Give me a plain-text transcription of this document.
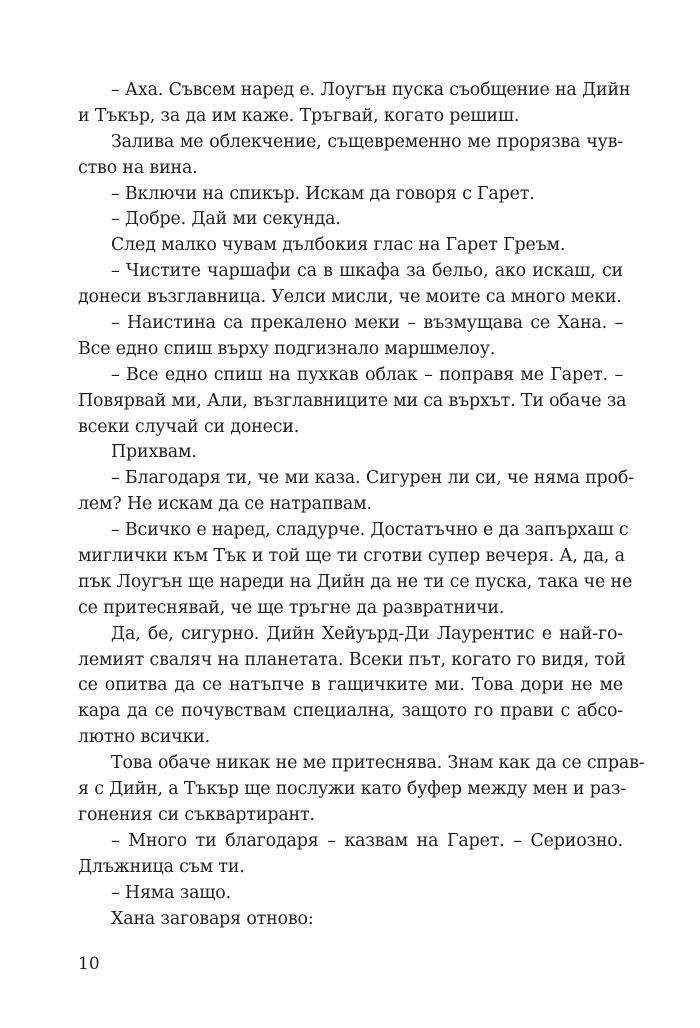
– Аха. Съвсем наред е. Лоугън пуска съобщение на Дийн
и Тъкър, за да им каже. Тръгвай, когато решиш.
Залива ме облекчение, същевременно ме прорязва чув-
ство на вина.
– Включи на спикър. Искам да говоря с Гарет.
– Добре. Дай ми секунда.
След малко чувам дълбокия глас на Гарет Греъм.
– Чистите чаршафи са в шкафа за бельо, ако искаш, си
донеси възглавница. Уелси мисли, че моите са много меки.
– Наистина са прекалено меки – възмущава се Хана. –
Все едно спиш върху подгизнало маршмелоу.
– Все едно спиш на пухкав облак – поправя ме Гарет. –
Повярвай ми, Али, възглавниците ми са върхът. Ти обаче за
всеки случай си донеси.
Прихвам.
– Благодаря ти, че ми каза. Сигурен ли си, че няма проб-
лем? Не искам да се натрапвам.
– Всичко е наред, сладурче. Достатъчно е да запърхаш с
миглички към Тък и той ще ти сготви супер вечеря. А, да, а
пък Лоугън ще нареди на Дийн да не ти се пуска, така че не
се притеснявай, че ще тръгне да развратничи.
Да, бе, сигурно. Дийн Хейуърд-Ди Лаурентис е най-го-
лемият сваляч на планетата. Всеки път, когато го видя, той
се опитва да се натъпче в гащичките ми. Това дори не ме
кара да се почувствам специална, защото го прави с абсо-
лютно всички.
Това обаче никак не ме притеснява. Знам как да се справ-
я с Дийн, а Тъкър ще послужи като буфер между мен и раз-
гонения си съквартирант.
– Много ти благодаря – казвам на Гарет. – Сериозно.
Длъжница съм ти.
– Няма защо.
Хана заговаря отново:
10
